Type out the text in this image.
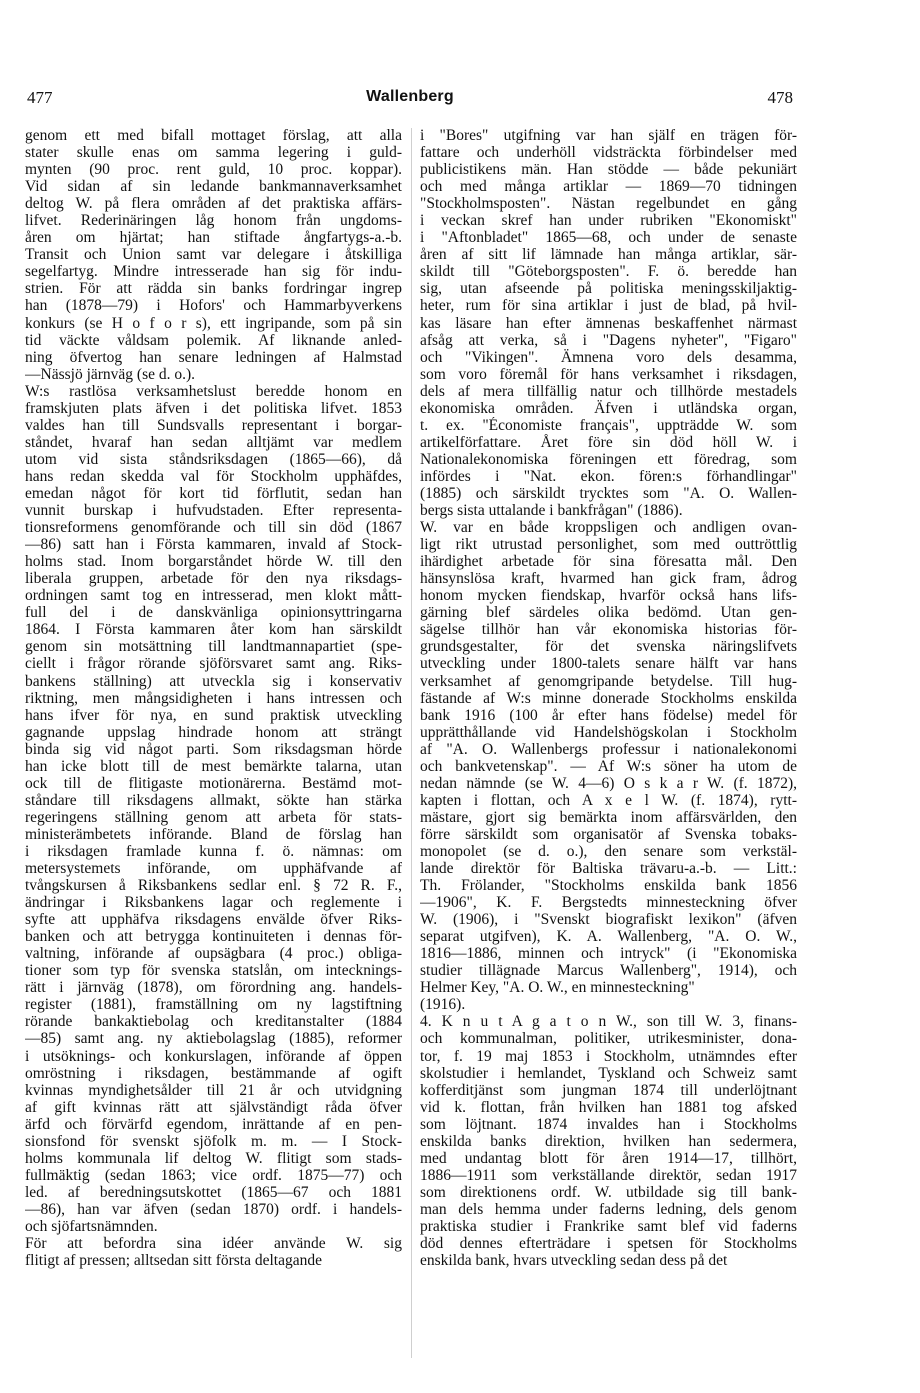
477	Wallenberg	478
genom ett med bifall mottaget förslag, att alla
stater skulle enas om samma legering i guld-
mynten (90 proc. rent guld, 10 proc. koppar).
Vid sidan af sin ledande bankmannaverksamhet
deltog W. på flera områden af det praktiska affärs-
lifvet. Rederinäringen låg honom från ungdoms-
åren om hjärtat; han stiftade ångfartygs-a.-b.
Transit och Union samt var delegare i åtskilliga
segelfartyg. Mindre intresserade han sig för indu-
strien. För att rädda sin banks fordringar ingrep
han (1878—79) i Hofors' och Hammarbyverkens
konkurs (se H o f o r s), ett ingripande, som på sin
tid väckte våldsam polemik. Af liknande anled-
ning öfvertog han senare ledningen af Halmstad
—Nässjö järnväg (se d. o.).
W:s rastlösa verksamhetslust beredde honom en
framskjuten plats äfven i det politiska lifvet. 1853
valdes han till Sundsvalls representant i borgar-
ståndet, hvaraf han sedan alltjämt var medlem
utom vid sista ståndsriksdagen (1865—66), då
hans redan skedda val för Stockholm upphäfdes,
emedan något för kort tid förflutit, sedan han
vunnit burskap i hufvudstaden. Efter representa-
tionsreformens genomförande och till sin död (1867
—86) satt han i Första kammaren, invald af Stock-
holms stad. Inom borgarståndet hörde W. till den
liberala gruppen, arbetade för den nya riksdags-
ordningen samt tog en intresserad, men klokt mått-
full del i de danskvänliga opinionsyttringarna
1864. I Första kammaren åter kom han särskildt
genom sin motsättning till landtmannapartiet (spe-
ciellt i frågor rörande sjöförsvaret samt ang. Riks-
bankens ställning) att utveckla sig i konservativ
riktning, men mångsidigheten i hans intressen och
hans ifver för nya, en sund praktisk utveckling
gagnande uppslag hindrade honom att strängt
binda sig vid något parti. Som riksdagsman hörde
han icke blott till de mest bemärkte talarna, utan
ock till de flitigaste motionärerna. Bestämd mot-
ståndare till riksdagens allmakt, sökte han stärka
regeringens ställning genom att arbeta för stats-
ministerämbetets införande. Bland de förslag han
i riksdagen framlade kunna f. ö. nämnas: om
metersystemets införande, om upphäfvande af
tvångskursen å Riksbankens sedlar enl. § 72 R. F.,
ändringar i Riksbankens lagar och reglemente i
syfte att upphäfva riksdagens envälde öfver Riks-
banken och att betrygga kontinuiteten i dennas för-
valtning, införande af oupsägbara (4 proc.) obliga-
tioner som typ för svenska statslån, om intecknings-
rätt i järnväg (1878), om förordning ang. handels-
register (1881), framställning om ny lagstiftning
rörande bankaktiebolag och kreditanstalter (1884
—85) samt ang. ny aktiebolagslag (1885), reformer
i utsöknings- och konkurslagen, införande af öppen
omröstning i riksdagen, bestämmande af ogift
kvinnas myndighetsålder till 21 år och utvidgning
af gift kvinnas rätt att självständigt råda öfver
ärfd och förvärfd egendom, inrättande af en pen-
sionsfond för svenskt sjöfolk m. m. — I Stock-
holms kommunala lif deltog W. flitigt som stads-
fullmäktig (sedan 1863; vice ordf. 1875—77) och
led. af beredningsutskottet (1865—67 och 1881
—86), han var äfven (sedan 1870) ordf. i handels-
och sjöfartsnämnden.
För att befordra sina idéer använde W. sig
flitigt af pressen; alltsedan sitt första deltagande
i "Bores" utgifning var han själf en trägen för-
fattare och underhöll vidsträckta förbindelser med
publicistikens män. Han stödde — både pekuniärt
och med många artiklar — 1869—70 tidningen
"Stockholmsposten". Nästan regelbundet en gång
i veckan skref han under rubriken "Ekonomiskt"
i "Aftonbladet" 1865—68, och under de senaste
åren af sitt lif lämnade han många artiklar, sär-
skildt till "Göteborgsposten". F. ö. beredde han
sig, utan afseende på politiska meningsskiljaktig-
heter, rum för sina artiklar i just de blad, på hvil-
kas läsare han efter ämnenas beskaffenhet närmast
afsåg att verka, så i "Dagens nyheter", "Figaro"
och "Vikingen". Ämnena voro dels desamma,
som voro föremål för hans verksamhet i riksdagen,
dels af mera tillfällig natur och tillhörde mestadels
ekonomiska områden. Äfven i utländska organ,
t. ex. "Économiste français", uppträdde W. som
artikelförfattare. Året före sin död höll W. i
Nationalekonomiska föreningen ett föredrag, som
infördes i "Nat. ekon. fören:s förhandlingar"
(1885) och särskildt trycktes som "A. O. Wallen-
bergs sista uttalande i bankfrågan" (1886).
W. var en både kroppsligen och andligen ovan-
ligt rikt utrustad personlighet, som med outtröttlig
ihärdighet arbetade för sina föresatta mål. Den
hänsynslösa kraft, hvarmed han gick fram, ådrog
honom mycken fiendskap, hvarför också hans lifs-
gärning blef särdeles olika bedömd. Utan gen-
sägelse tillhör han vår ekonomiska historias för-
grundsgestalter, för det svenska näringslifvets
utveckling under 1800-talets senare hälft var hans
verksamhet af genomgripande betydelse. Till hug-
fästande af W:s minne donerade Stockholms enskilda
bank 1916 (100 år efter hans födelse) medel för
upprätthållande vid Handelshögskolan i Stockholm
af "A. O. Wallenbergs professur i nationalekonomi
och bankvetenskap". — Af W:s söner ha utom de
nedan nämnde (se W. 4—6) O s k a r W. (f. 1872),
kapten i flottan, och A x e l W. (f. 1874), rytt-
mästare, gjort sig bemärkta inom affärsvärlden, den
förre särskildt som organisatör af Svenska tobaks-
monopolet (se d. o.), den senare som verkstäl-
lande direktör för Baltiska trävaru-a.-b. — Litt.:
Th. Frölander, "Stockholms enskilda bank 1856
—1906", K. F. Bergstedts minnesteckning öfver
W. (1906), i "Svenskt biografiskt lexikon" (äfven
separat utgifven), K. A. Wallenberg, "A. O. W.,
1816—1886, minnen och intryck" (i "Ekonomiska
studier tillägnade Marcus Wallenberg", 1914), och
Helmer Key, "A. O. W., en minnesteckning"
(1916).
4. K n u t A g a t o n W., son till W. 3, finans-
och kommunalman, politiker, utrikesminister, dona-
tor, f. 19 maj 1853 i Stockholm, utnämndes efter
skolstudier i hemlandet, Tyskland och Schweiz samt
kofferditjänst som jungman 1874 till underlöjtnant
vid k. flottan, från hvilken han 1881 tog afsked
som löjtnant. 1874 invaldes han i Stockholms
enskilda banks direktion, hvilken han sedermera,
med undantag blott för åren 1914—17, tillhört,
1886—1911 som verkställande direktör, sedan 1917
som direktionens ordf. W. utbildade sig till bank-
man dels hemma under faderns ledning, dels genom
praktiska studier i Frankrike samt blef vid faderns
död dennes efterträdare i spetsen för Stockholms
enskilda bank, hvars utveckling sedan dess på det
